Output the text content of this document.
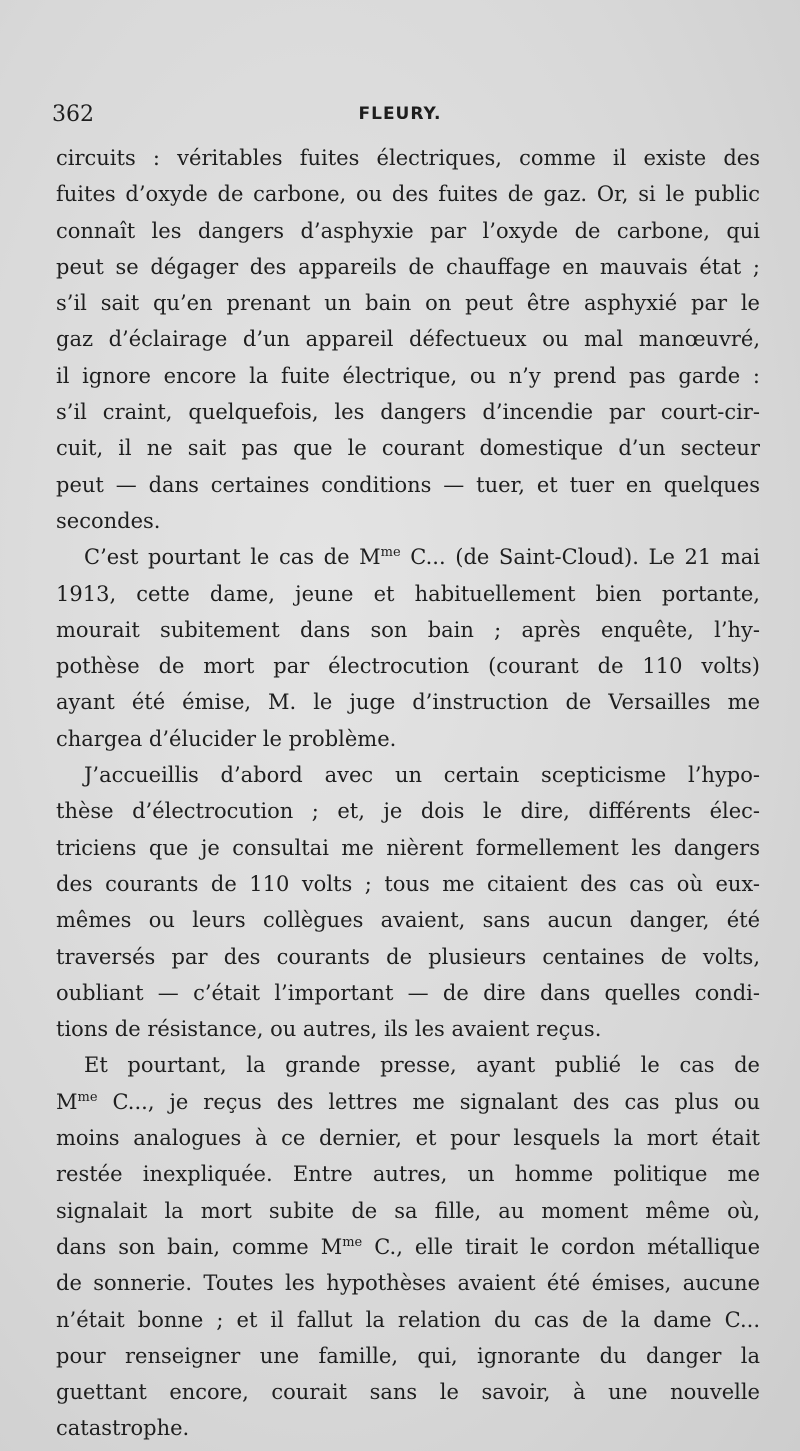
362	FLEURY.
circuits : véritables fuites électriques, comme il existe des
fuites d’oxyde de carbone, ou des fuites de gaz. Or, si le public
connaît les dangers d’asphyxie par l’oxyde de carbone, qui
peut se dégager des appareils de chauffage en mauvais état ;
s’il sait qu’en prenant un bain on peut être asphyxié par le
gaz d’éclairage d’un appareil défectueux ou mal manœuvré,
il ignore encore la fuite électrique, ou n’y prend pas garde :
s’il craint, quelquefois, les dangers d’incendie par court-cir-
cuit, il ne sait pas que le courant domestique d’un secteur
peut — dans certaines conditions — tuer, et tuer en quelques
secondes.
C’est pourtant le cas de $M^{me}$ C... (de Saint-Cloud). Le 21 mai
1913, cette dame, jeune et habituellement bien portante,
mourait subitement dans son bain ; après enquête, l’hy-
pothèse de mort par électrocution (courant de 110 volts)
ayant été émise, M. le juge d’instruction de Versailles me
chargea d’élucider le problème.
J’accueillis d’abord avec un certain scepticisme l’hypo-
thèse d’électrocution ; et, je dois le dire, différents élec-
triciens que je consultai me nièrent formellement les dangers
des courants de 110 volts ; tous me citaient des cas où eux-
mêmes ou leurs collègues avaient, sans aucun danger, été
traversés par des courants de plusieurs centaines de volts,
oubliant — c’était l’important — de dire dans quelles condi-
tions de résistance, ou autres, ils les avaient reçus.
Et pourtant, la grande presse, ayant publié le cas de
$M^{me}$ C..., je reçus des lettres me signalant des cas plus ou
moins analogues à ce dernier, et pour lesquels la mort était
restée inexpliquée. Entre autres, un homme politique me
signalait la mort subite de sa fille, au moment même où,
dans son bain, comme $M^{me}$ C., elle tirait le cordon métallique
de sonnerie. Toutes les hypothèses avaient été émises, aucune
n’était bonne ; et il fallut la relation du cas de la dame C...
pour renseigner une famille, qui, ignorante du danger la
guettant encore, courait sans le savoir, à une nouvelle
catastrophe.
